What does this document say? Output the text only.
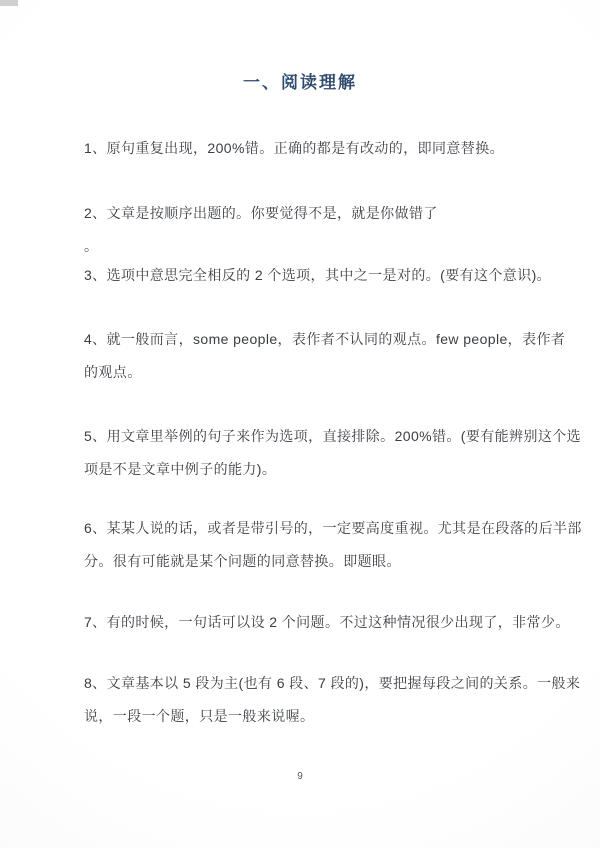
一、阅读理解
1、原句重复出现，200%错。正确的都是有改动的，即同意替换。
2、文章是按顺序出题的。你要觉得不是，就是你做错了
。
3、选项中意思完全相反的 2 个选项，其中之一是对的。(要有这个意识)。
4、就一般而言，some people，表作者不认同的观点。few people，表作者
的观点。
5、用文章里举例的句子来作为选项，直接排除。200%错。(要有能辨别这个选
项是不是文章中例子的能力)。
6、某某人说的话，或者是带引号的，一定要高度重视。尤其是在段落的后半部
分。很有可能就是某个问题的同意替换。即题眼。
7、有的时候，一句话可以设 2 个问题。不过这种情况很少出现了，非常少。
8、文章基本以 5 段为主(也有 6 段、7 段的)，要把握每段之间的关系。一般来
说，一段一个题，只是一般来说喔。
9
